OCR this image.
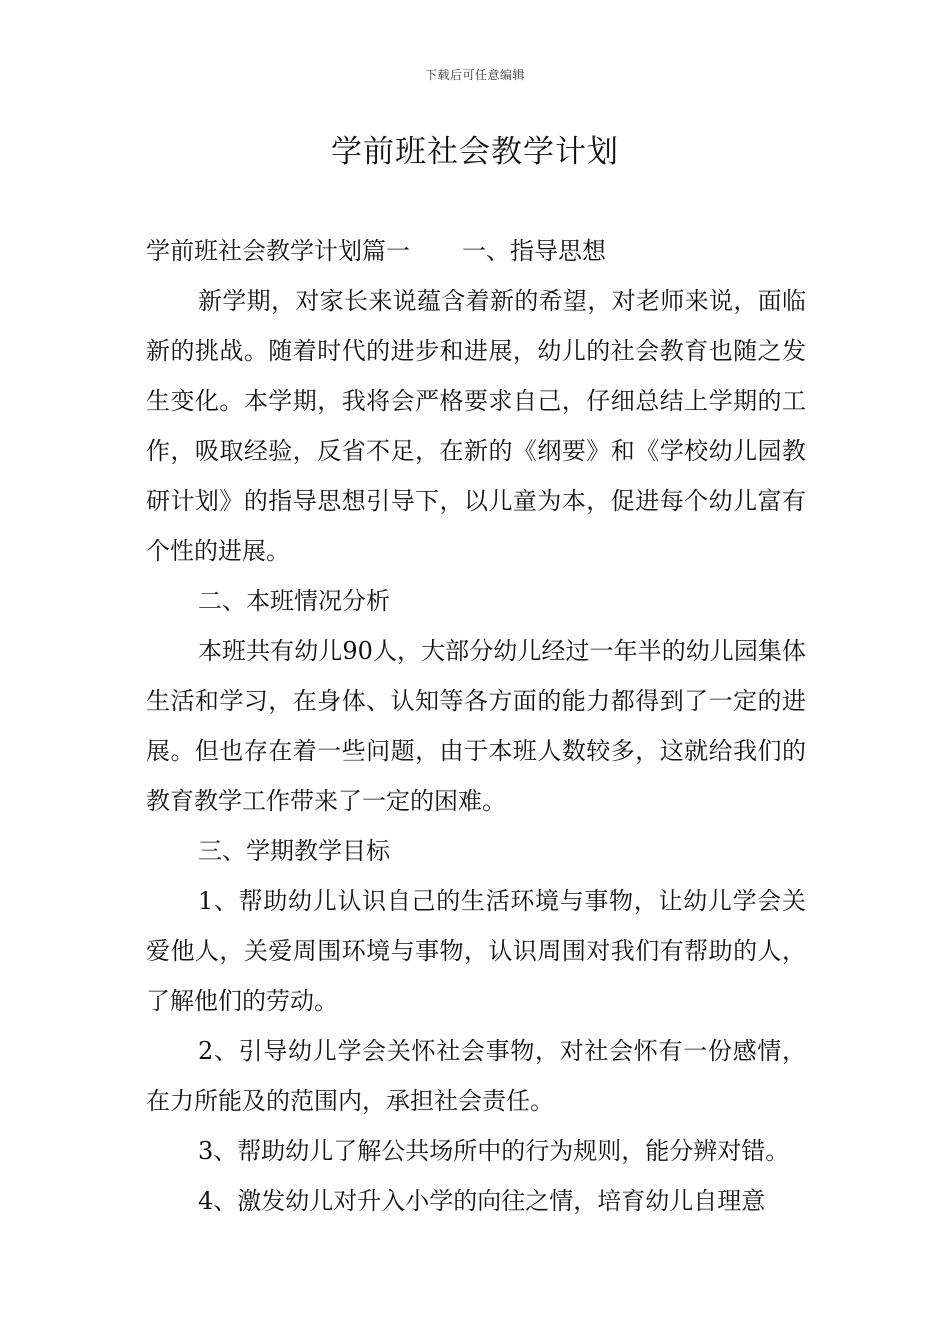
下载后可任意编辑
学前班社会教学计划

学前班社会教学计划篇一 一、指导思想

新学期，对家长来说蕴含着新的希望，对老师来说，面临新的挑战。随着时代的进步和进展，幼儿的社会教育也随之发生变化。本学期，我将会严格要求自己，仔细总结上学期的工作，吸取经验，反省不足，在新的《纲要》和《学校幼儿园教研计划》的指导思想引导下，以儿童为本，促进每个幼儿富有个性的进展。

二、本班情况分析

本班共有幼儿90人，大部分幼儿经过一年半的幼儿园集体生活和学习，在身体、认知等各方面的能力都得到了一定的进展。但也存在着一些问题，由于本班人数较多，这就给我们的教育教学工作带来了一定的困难。

三、学期教学目标

1、帮助幼儿认识自己的生活环境与事物，让幼儿学会关爱他人，关爱周围环境与事物，认识周围对我们有帮助的人，了解他们的劳动。

2、引导幼儿学会关怀社会事物，对社会怀有一份感情，在力所能及的范围内，承担社会责任。

3、帮助幼儿了解公共场所中的行为规则，能分辨对错。

4、激发幼儿对升入小学的向往之情，培育幼儿自理意
